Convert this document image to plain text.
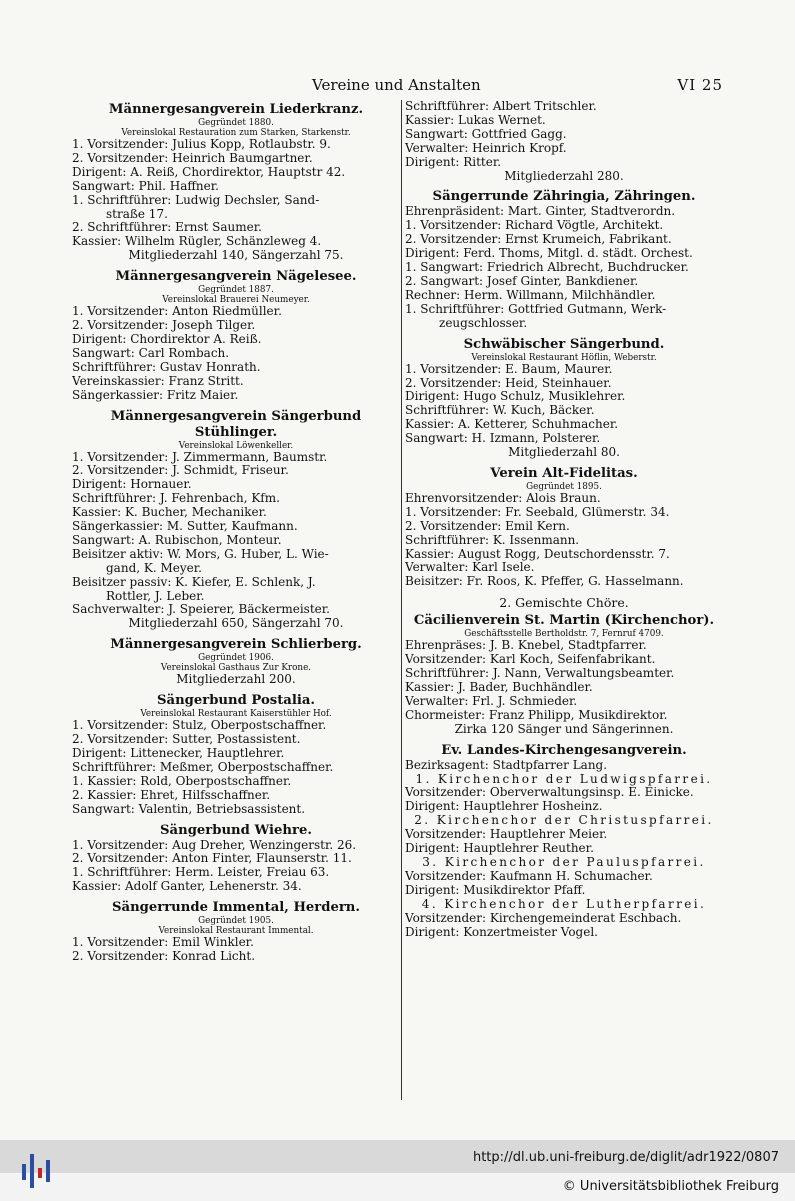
Vereine und Anstalten	VI 25
Männergesangverein Liederkranz.
Gegründet 1880.
Vereinslokal Restauration zum Starken, Starkenstr.
1. Vorsitzender: Julius Kopp, Rotlaubstr. 9.
2. Vorsitzender: Heinrich Baumgartner.
Dirigent: A. Reiß, Chordirektor, Hauptstr 42.
Sangwart: Phil. Haffner.
1. Schriftführer: Ludwig Dechsler, Sand-
straße 17.
2. Schriftführer: Ernst Saumer.
Kassier: Wilhelm Rügler, Schänzleweg 4.
Mitgliederzahl 140, Sängerzahl 75.
Männergesangverein Nägelesee.
Gegründet 1887.
Vereinslokal Brauerei Neumeyer.
1. Vorsitzender: Anton Riedmüller.
2. Vorsitzender: Joseph Tilger.
Dirigent: Chordirektor A. Reiß.
Sangwart: Carl Rombach.
Schriftführer: Gustav Honrath.
Vereinskassier: Franz Stritt.
Sängerkassier: Fritz Maier.
Männergesangverein Sängerbund Stühlinger.
Vereinslokal Löwenkeller.
1. Vorsitzender: J. Zimmermann, Baumstr.
2. Vorsitzender: J. Schmidt, Friseur.
Dirigent: Hornauer.
Schriftführer: J. Fehrenbach, Kfm.
Kassier: K. Bucher, Mechaniker.
Sängerkassier: M. Sutter, Kaufmann.
Sangwart: A. Rubischon, Monteur.
Beisitzer aktiv: W. Mors, G. Huber, L. Wie-
gand, K. Meyer.
Beisitzer passiv: K. Kiefer, E. Schlenk, J.
Rottler, J. Leber.
Sachverwalter: J. Speierer, Bäckermeister.
Mitgliederzahl 650, Sängerzahl 70.
Männergesangverein Schlierberg.
Gegründet 1906.
Vereinslokal Gasthaus Zur Krone.
Mitgliederzahl 200.
Sängerbund Postalia.
Vereinslokal Restaurant Kaiserstühler Hof.
1. Vorsitzender: Stulz, Oberpostschaffner.
2. Vorsitzender: Sutter, Postassistent.
Dirigent: Littenecker, Hauptlehrer.
Schriftführer: Meßmer, Oberpostschaffner.
1. Kassier: Rold, Oberpostschaffner.
2. Kassier: Ehret, Hilfsschaffner.
Sangwart: Valentin, Betriebsassistent.
Sängerbund Wiehre.
1. Vorsitzender: Aug Dreher, Wenzingerstr. 26.
2. Vorsitzender: Anton Finter, Flaunserstr. 11.
1. Schriftführer: Herm. Leister, Freiau 63.
Kassier: Adolf Ganter, Lehenerstr. 34.
Sängerrunde Immental, Herdern.
Gegründet 1905.
Vereinslokal Restaurant Immental.
1. Vorsitzender: Emil Winkler.
2. Vorsitzender: Konrad Licht.
Schriftführer: Albert Tritschler.
Kassier: Lukas Wernet.
Sangwart: Gottfried Gagg.
Verwalter: Heinrich Kropf.
Dirigent: Ritter.
Mitgliederzahl 280.
Sängerrunde Zähringia, Zähringen.
Ehrenpräsident: Mart. Ginter, Stadtverordn.
1. Vorsitzender: Richard Vögtle, Architekt.
2. Vorsitzender: Ernst Krumeich, Fabrikant.
Dirigent: Ferd. Thoms, Mitgl. d. städt. Orchest.
1. Sangwart: Friedrich Albrecht, Buchdrucker.
2. Sangwart: Josef Ginter, Bankdiener.
Rechner: Herm. Willmann, Milchhändler.
1. Schriftführer: Gottfried Gutmann, Werk-
zeugschlosser.
Schwäbischer Sängerbund.
Vereinslokal Restaurant Höflin, Weberstr.
1. Vorsitzender: E. Baum, Maurer.
2. Vorsitzender: Heid, Steinhauer.
Dirigent: Hugo Schulz, Musiklehrer.
Schriftführer: W. Kuch, Bäcker.
Kassier: A. Ketterer, Schuhmacher.
Sangwart: H. Izmann, Polsterer.
Mitgliederzahl 80.
Verein Alt-Fidelitas.
Gegründet 1895.
Ehrenvorsitzender: Alois Braun.
1. Vorsitzender: Fr. Seebald, Glümerstr. 34.
2. Vorsitzender: Emil Kern.
Schriftführer: K. Issenmann.
Kassier: August Rogg, Deutschordensstr. 7.
Verwalter: Karl Isele.
Beisitzer: Fr. Roos, K. Pfeffer, G. Hasselmann.
2. Gemischte Chöre.
Cäcilienverein St. Martin (Kirchenchor).
Geschäftsstelle Bertholdstr. 7, Fernruf 4709.
Ehrenpräses: J. B. Knebel, Stadtpfarrer.
Vorsitzender: Karl Koch, Seifenfabrikant.
Schriftführer: J. Nann, Verwaltungsbeamter.
Kassier: J. Bader, Buchhändler.
Verwalter: Frl. J. Schmieder.
Chormeister: Franz Philipp, Musikdirektor.
Zirka 120 Sänger und Sängerinnen.
Ev. Landes-Kirchengesangverein.
Bezirksagent: Stadtpfarrer Lang.
1. Kirchenchor der Ludwigspfarrei.
Vorsitzender: Oberverwaltungsinsp. E. Einicke.
Dirigent: Hauptlehrer Hosheinz.
2. Kirchenchor der Christuspfarrei.
Vorsitzender: Hauptlehrer Meier.
Dirigent: Hauptlehrer Reuther.
3. Kirchenchor der Pauluspfarrei.
Vorsitzender: Kaufmann H. Schumacher.
Dirigent: Musikdirektor Pfaff.
4. Kirchenchor der Lutherpfarrei.
Vorsitzender: Kirchengemeinderat Eschbach.
Dirigent: Konzertmeister Vogel.
http://dl.ub.uni-freiburg.de/diglit/adr1922/0807
© Universitätsbibliothek Freiburg
